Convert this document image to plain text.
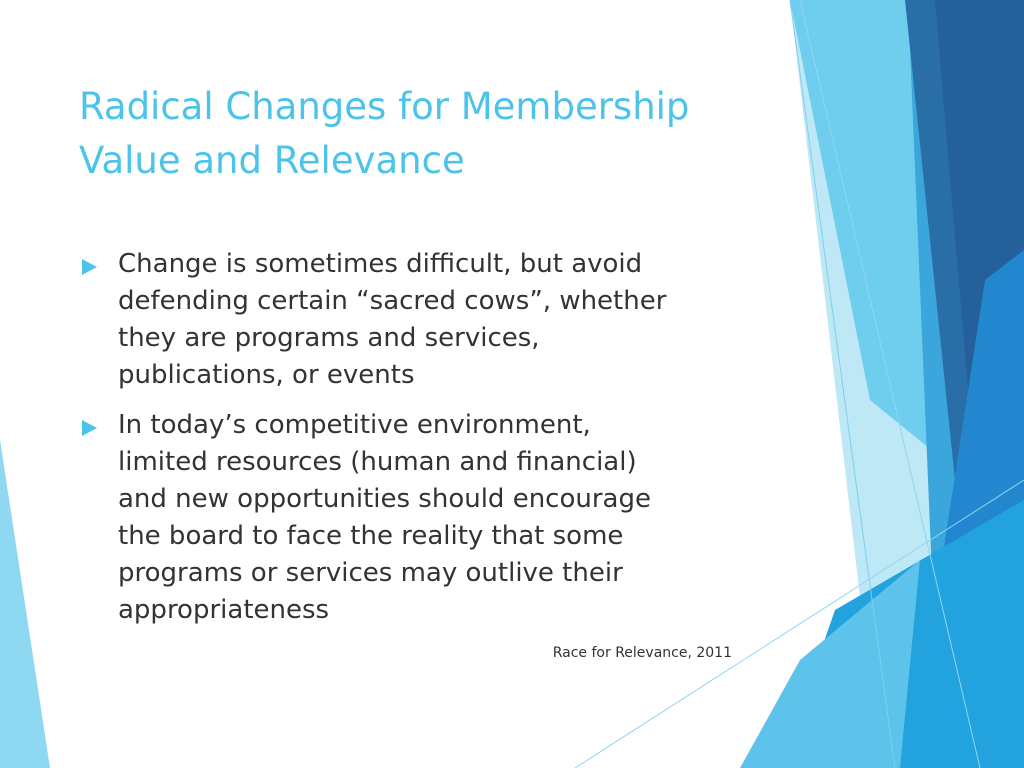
Radical Changes for Membership
Value and Relevance
Change is sometimes difficult, but avoid
defending certain “sacred cows”, whether
they are programs and services,
publications, or events
In today’s competitive environment,
limited resources (human and financial)
and new opportunities should encourage
the board to face the reality that some
programs or services may outlive their
appropriateness
Race for Relevance, 2011
